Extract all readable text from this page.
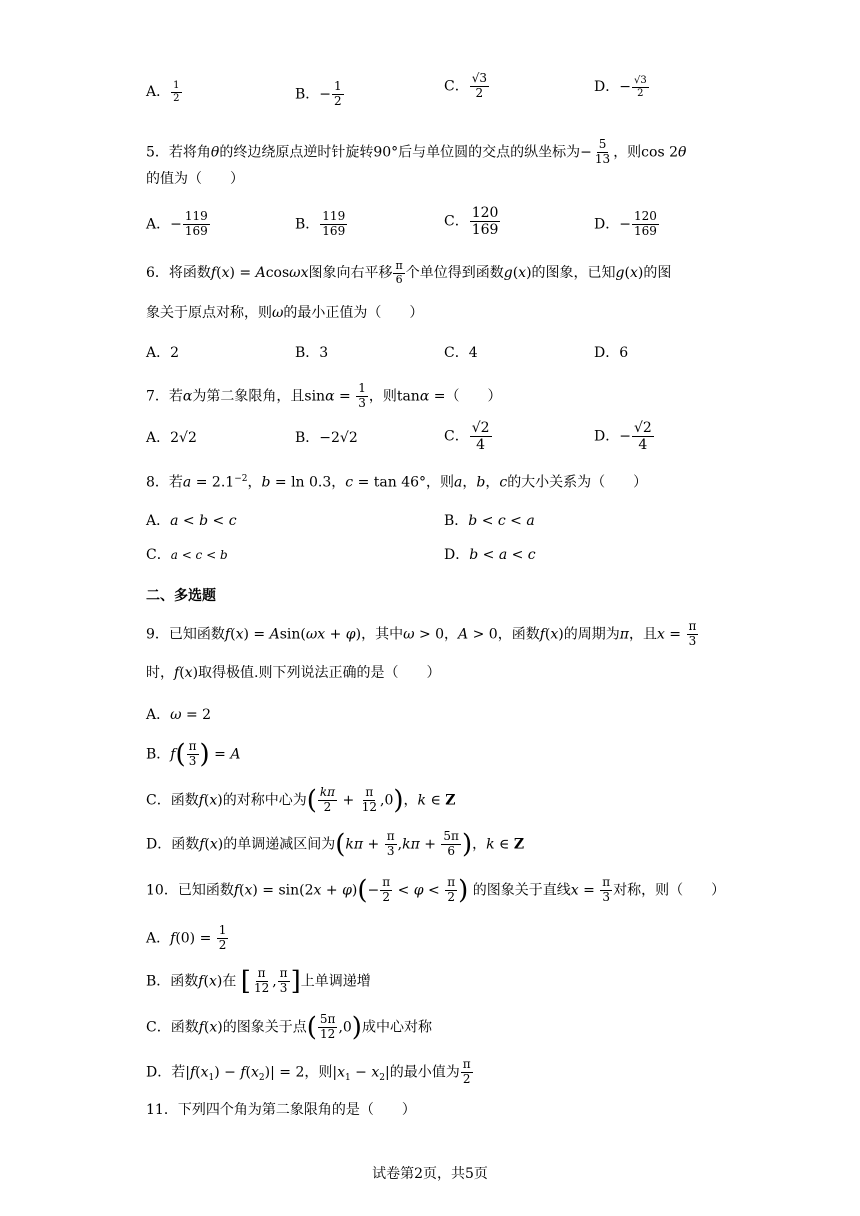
A． $\frac{1}{2}$	B．− $\frac{1}{2}$	C． $\frac{√3}{2}$	D．− $\frac{√3}{2}$
5．若将角θ的终边绕原点逆时针旋转90°后与单位圆的交点的纵坐标为− $\frac{5}{13}$ ，则cos 2θ
的值为（　　）
A．− $\frac{119}{169}$	B． $\frac{119}{169}$	C． $\frac{120}{169}$	D．− $\frac{120}{169}$
6．将函数f(x) = Acosωx图象向右平移 $\frac{\pi}{6}$ 个单位得到函数g(x)的图象，已知g(x)的图
象关于原点对称，则ω的最小正值为（　　）
A．2	B．3	C．4	D．6
7．若α为第二象限角，且$\sin\alpha = \frac{1}{3}$ ，则tanα =（　　）
A．2√2	B．−2√2	C． $\frac{√2}{4}$	D．− $\frac{√2}{4}$
8．若$a = 2.1^{-2}$，b = ln 0.3，c = tan 46°，则a，b，c的大小关系为（　　）
A．a < b < c	B．b < c < a
C．a < c < b	D．b < a < c
二、多选题
9．已知函数f(x) = Asin(ωx + φ)，其中ω > 0，A > 0，函数f(x)的周期为π，且$x = \frac{\pi}{3}$
时，f(x)取得极值.则下列说法正确的是（　　）
A．ω = 2
B．$f( \frac{\pi}{3}$ ) = A
C．函数f(x)的对称中心为( $\frac{k\pi}{2} + \frac{\pi}{12} ,0$)，k ∈ Z
D．函数f(x)的单调递减区间为($k\pi + \frac{\pi}{3} ,k\pi + \frac{5\pi}{6}$ )，k ∈ Z
10．已知函数$f(x) = \sin(2x + \varphi)(- \frac{\pi}{2} < \varphi < \frac{\pi}{2}$ ) 的图象关于直线$x = \frac{\pi}{3}$ 对称，则（　　）
A．$f(0) = \frac{1}{2}$
B．函数f(x)在 [ $\frac{\pi}{12}$ , $\frac{\pi}{3}$ ]上单调递增
C．函数f(x)的图象关于点( $\frac{5\pi}{12} ,0$)成中心对称
D．若$|f(x_1) - f(x_2)| = 2$，则$|x_1 - x_2|$的最小值为 $\frac{\pi}{2}$
11．下列四个角为第二象限角的是（　　）
试卷第2页，共5页
